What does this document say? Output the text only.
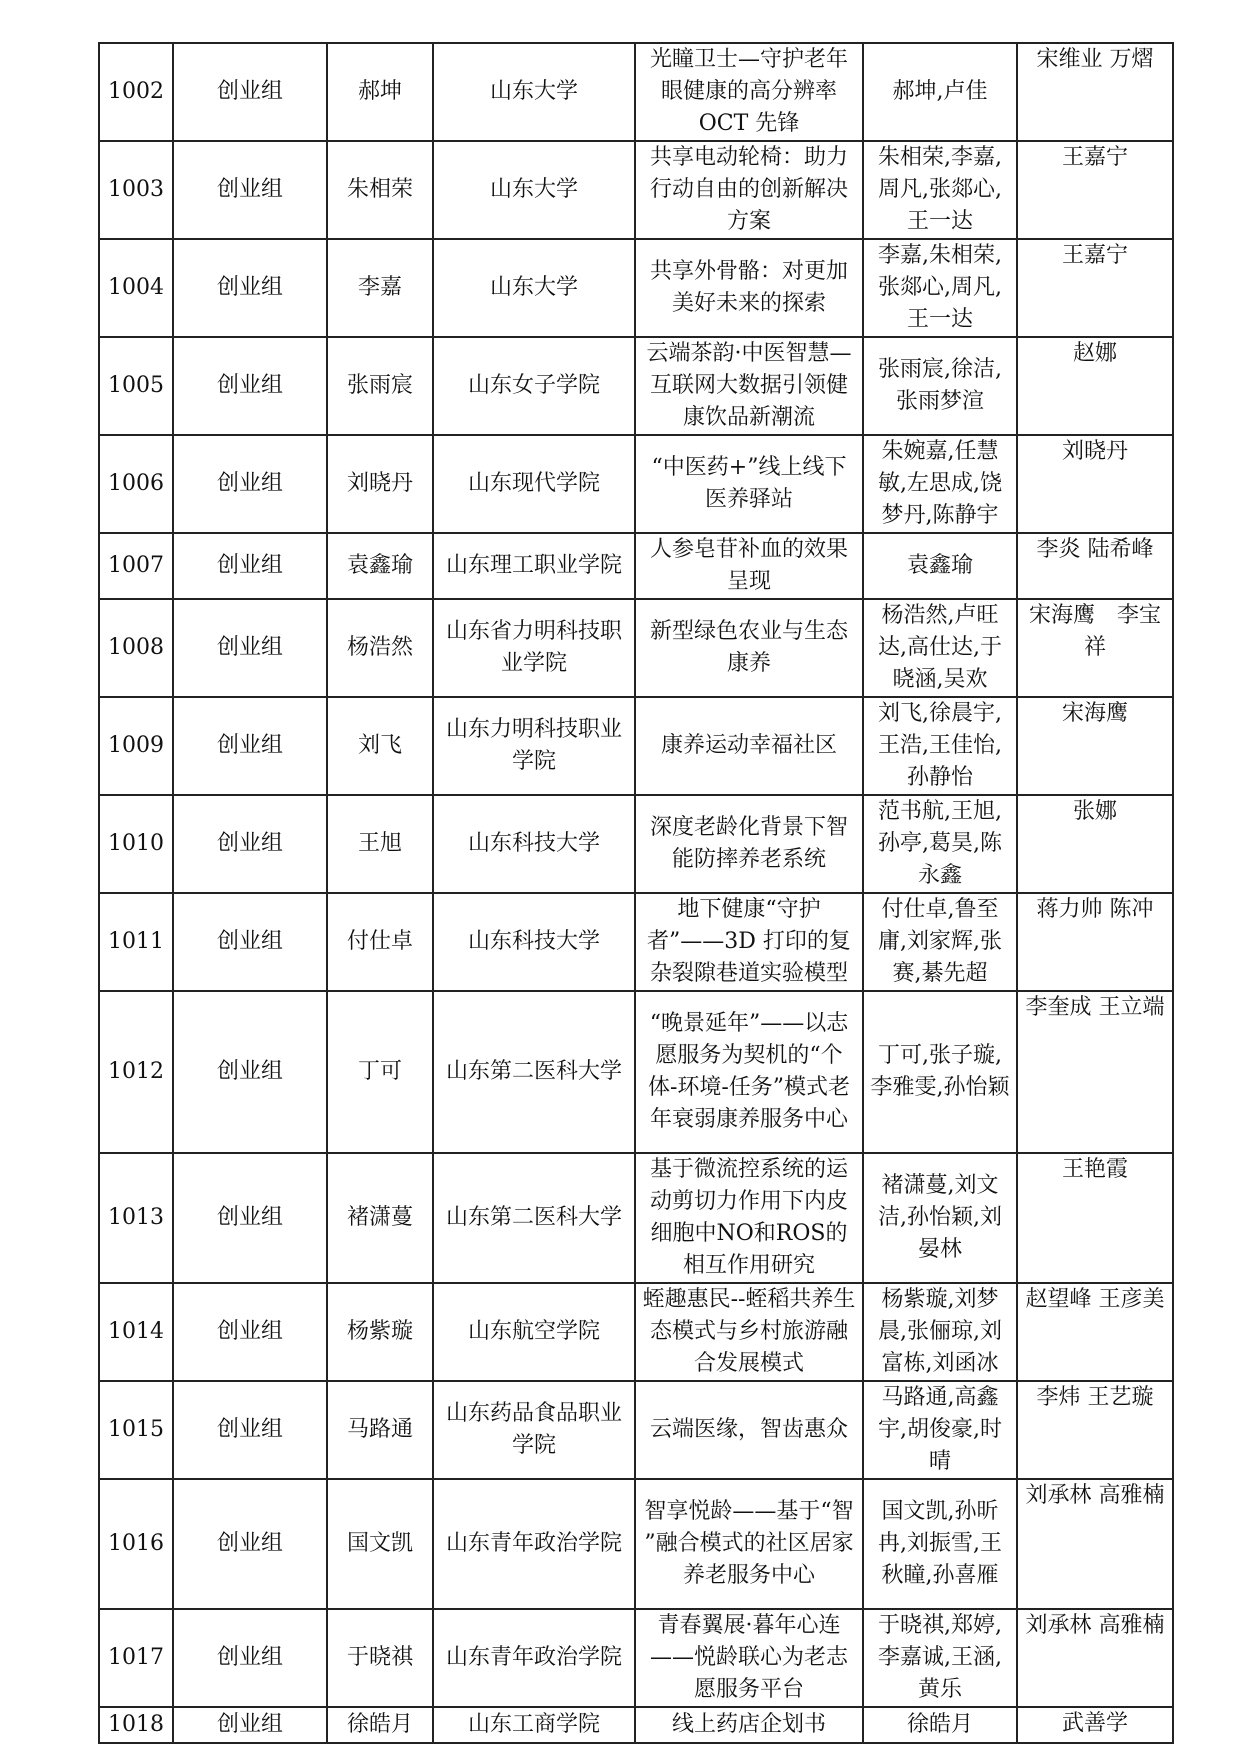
1002	创业组	郝坤	山东大学	光瞳卫士—守护老年眼健康的高分辨率 OCT 先锋	郝坤,卢佳	宋维业 万熠
1003	创业组	朱相荣	山东大学	共享电动轮椅：助力行动自由的创新解决方案	朱相荣,李嘉,周凡,张郯心,王一达	王嘉宁
1004	创业组	李嘉	山东大学	共享外骨骼：对更加美好未来的探索	李嘉,朱相荣,张郯心,周凡,王一达	王嘉宁
1005	创业组	张雨宸	山东女子学院	云端茶韵·中医智慧—互联网大数据引领健康饮品新潮流	张雨宸,徐洁,张雨梦渲	赵娜
1006	创业组	刘晓丹	山东现代学院	“中医药+”线上线下医养驿站	朱婉嘉,任慧敏,左思成,饶梦丹,陈静宇	刘晓丹
1007	创业组	袁鑫瑜	山东理工职业学院	人参皂苷补血的效果呈现	袁鑫瑜	李炎 陆希峰
1008	创业组	杨浩然	山东省力明科技职业学院	新型绿色农业与生态康养	杨浩然,卢旺达,高仕达,于晓涵,吴欢	宋海鹰　李宝祥
1009	创业组	刘飞	山东力明科技职业学院	康养运动幸福社区	刘飞,徐晨宇,王浩,王佳怡,孙静怡	宋海鹰
1010	创业组	王旭	山东科技大学	深度老龄化背景下智能防摔养老系统	范书航,王旭,孙亭,葛昊,陈永鑫	张娜
1011	创业组	付仕卓	山东科技大学	地下健康“守护者”——3D 打印的复杂裂隙巷道实验模型	付仕卓,鲁至庸,刘家辉,张赛,綦先超	蒋力帅 陈冲
1012	创业组	丁可	山东第二医科大学	“晚景延年”——以志愿服务为契机的“个体-环境-任务”模式老年衰弱康养服务中心	丁可,张子璇,李雅雯,孙怡颖	李奎成 王立端
1013	创业组	褚潇蔓	山东第二医科大学	基于微流控系统的运动剪切力作用下内皮细胞中NO和ROS的相互作用研究	褚潇蔓,刘文洁,孙怡颖,刘晏林	王艳霞
1014	创业组	杨紫璇	山东航空学院	蛭趣惠民--蛭稻共养生态模式与乡村旅游融合发展模式	杨紫璇,刘梦晨,张俪琼,刘富栋,刘函冰	赵望峰 王彦美
1015	创业组	马路通	山东药品食品职业学院	云端医缘，智齿惠众	马路通,高鑫宇,胡俊豪,时晴	李炜 王艺璇
1016	创业组	国文凯	山东青年政治学院	智享悦龄——基于“智 ”融合模式的社区居家养老服务中心	国文凯,孙昕冉,刘振雪,王秋瞳,孙喜雁	刘承林 高雅楠
1017	创业组	于晓祺	山东青年政治学院	青春翼展·暮年心连——悦龄联心为老志愿服务平台	于晓祺,郑婷,李嘉诚,王涵,黄乐	刘承林 高雅楠
1018	创业组	徐皓月	山东工商学院	线上药店企划书	徐皓月	武善学
